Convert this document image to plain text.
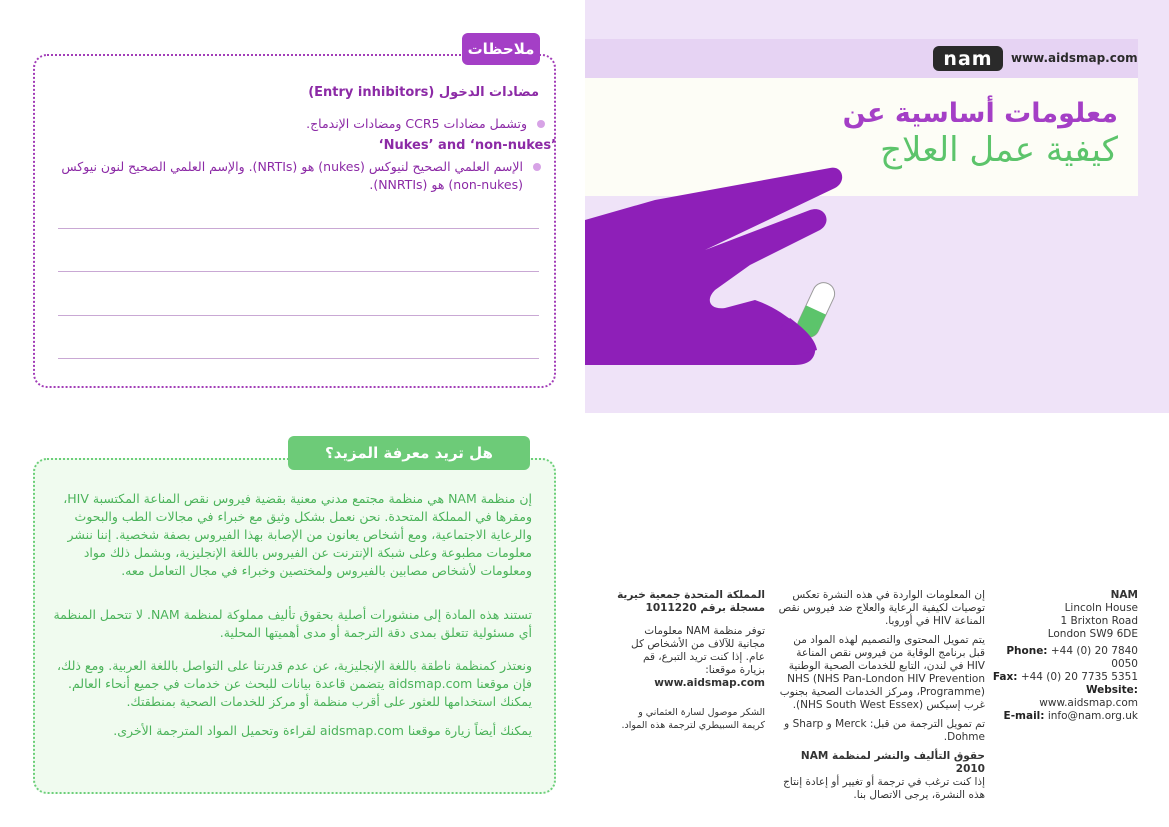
ملاحظات
مضادات الدخول (Entry inhibitors)
وتشمل مضادات CCR5 ومضادات الإندماج.
‘Nukes’ and ‘non-nukes’
الإسم العلمي الصحيح لنيوكس (nukes) هو (NRTIs). والإسم العلمي الصحيح لنون نيوكس (non-nukes) هو (NNRTIs).
هل تريد معرفة المزيد؟
إن منظمة NAM هي منظمة مجتمع مدني معنية بقضية فيروس نقص المناعة المكتسبة HIV، ومقرها في المملكة المتحدة. نحن نعمل بشكل وثيق مع خبراء في مجالات الطب والبحوث والرعاية الاجتماعية، ومع أشخاص يعانون من الإصابة بهذا الفيروس بصفة شخصية. إننا ننشر معلومات مطبوعة وعلى شبكة الإنترنت عن الفيروس باللغة الإنجليزية، وبشمل ذلك مواد ومعلومات لأشخاص مصابين بالفيروس ولمختصين وخبراء في مجال التعامل معه.
تستند هذه المادة إلى منشورات أصلية بحقوق تأليف مملوكة لمنظمة NAM. لا تتحمل المنظمة أي مسئولية تتعلق بمدى دقة الترجمة أو مدى أهميتها المحلية.
ونعتذر كمنظمة ناطقة باللغة الإنجليزية، عن عدم قدرتنا على التواصل باللغة العربية. ومع ذلك، فإن موقعنا aidsmap.com يتضمن قاعدة بيانات للبحث عن خدمات في جميع أنحاء العالم. يمكنك استخدامها للعثور على أقرب منظمة أو مركز للخدمات الصحية بمنطقتك.
يمكنك أيضاً زيارة موقعنا aidsmap.com لقراءة وتحميل المواد المترجمة الأخرى.
المملكة المتحدة جمعية خيرية
مسجلة برقم 1011220
توفر منظمة NAM معلومات مجانية للآلاف من الأشخاص كل عام. إذا كنت تريد التبرع، قم بزيارة موقعنا:
www.aidsmap.com
الشكر موصول لسارة العثماني و كريمة السبيطري لترجمة هذه المواد.
إن المعلومات الواردة في هذه النشرة تعكس توصيات لكيفية الرعاية والعلاج ضد فيروس نقص المناعة HIV في أوروبا.
يتم تمويل المحتوى والتصميم لهذه المواد من قبل برنامج الوقاية من فيروس نقص المناعة HIV في لندن، التابع للخدمات الصحية الوطنية NHS (NHS Pan-London HIV Prevention Programme)، ومركز الخدمات الصحية بجنوب غرب إسيكس (NHS South West Essex).
تم تمويل الترجمة من قبل: Merck و Sharp و Dohme.
حقوق التأليف والنشر لمنظمة NAM 2010
إذا كنت ترغب في ترجمة أو تغيير أو إعادة إنتاج هذه النشرة، يرجى الاتصال بنا.
NAM
Lincoln House
1 Brixton Road
London SW9 6DE
Phone: +44 (0) 20 7840 0050
Fax: +44 (0) 20 7735 5351
Website: www.aidsmap.com
E-mail: info@nam.org.uk
nam	www.aidsmap.com
معلومات أساسية عن
كيفية عمل العلاج
